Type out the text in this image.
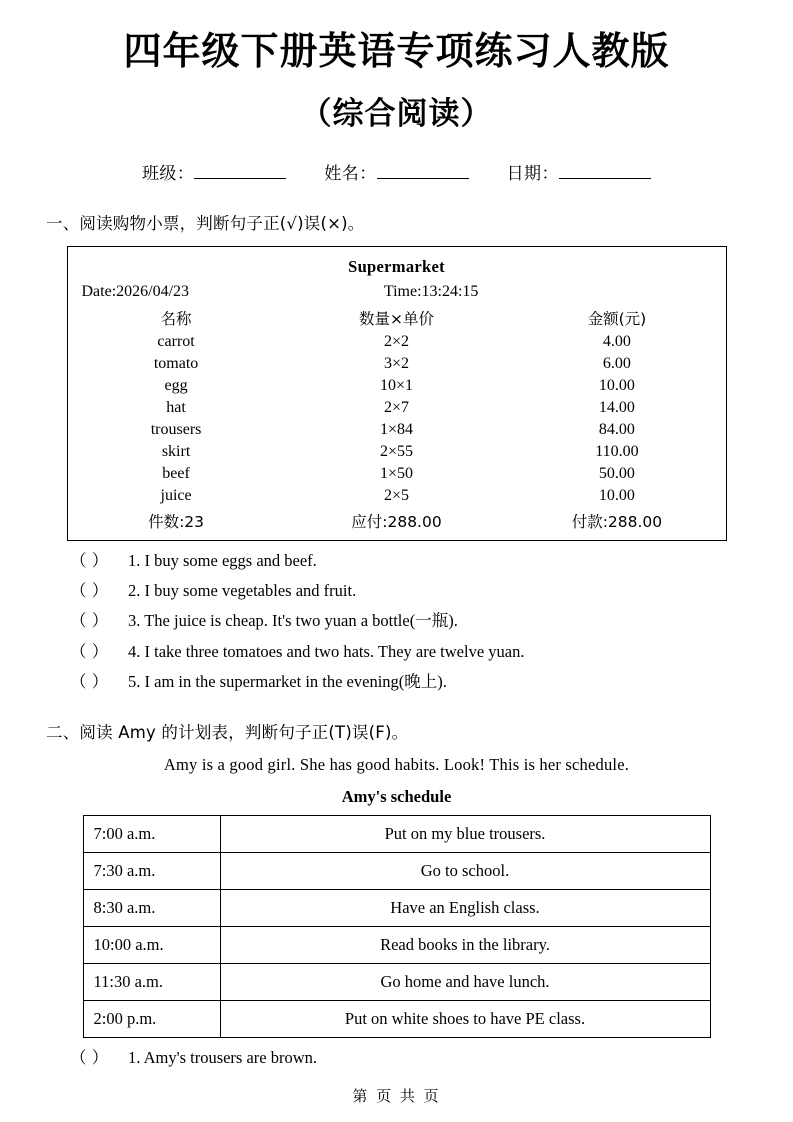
四年级下册英语专项练习人教版
（综合阅读）
班级：	姓名：	日期：
一、阅读购物小票，判断句子正(√)误(×)。
Supermarket
Date:2026/04/23	Time:13:24:15
名称	数量×单价	金额(元)
carrot	2×2	4.00
tomato	3×2	6.00
egg	10×1	10.00
hat	2×7	14.00
trousers	1×84	84.00
skirt	2×55	110.00
beef	1×50	50.00
juice	2×5	10.00
件数:23	应付:288.00	付款:288.00
（ ） 1. I buy some eggs and beef.
（ ） 2. I buy some vegetables and fruit.
（ ） 3. The juice is cheap. It's two yuan a bottle(一瓶).
（ ） 4. I take three tomatoes and two hats. They are twelve yuan.
（ ） 5. I am in the supermarket in the evening(晚上).
二、阅读 Amy 的计划表，判断句子正(T)误(F)。
Amy is a good girl. She has good habits. Look! This is her schedule.
Amy's schedule
7:00 a.m.	Put on my blue trousers.
7:30 a.m.	Go to school.
8:30 a.m.	Have an English class.
10:00 a.m.	Read books in the library.
11:30 a.m.	Go home and have lunch.
2:00 p.m.	Put on white shoes to have PE class.
（ ） 1. Amy's trousers are brown.
第 页 共 页
